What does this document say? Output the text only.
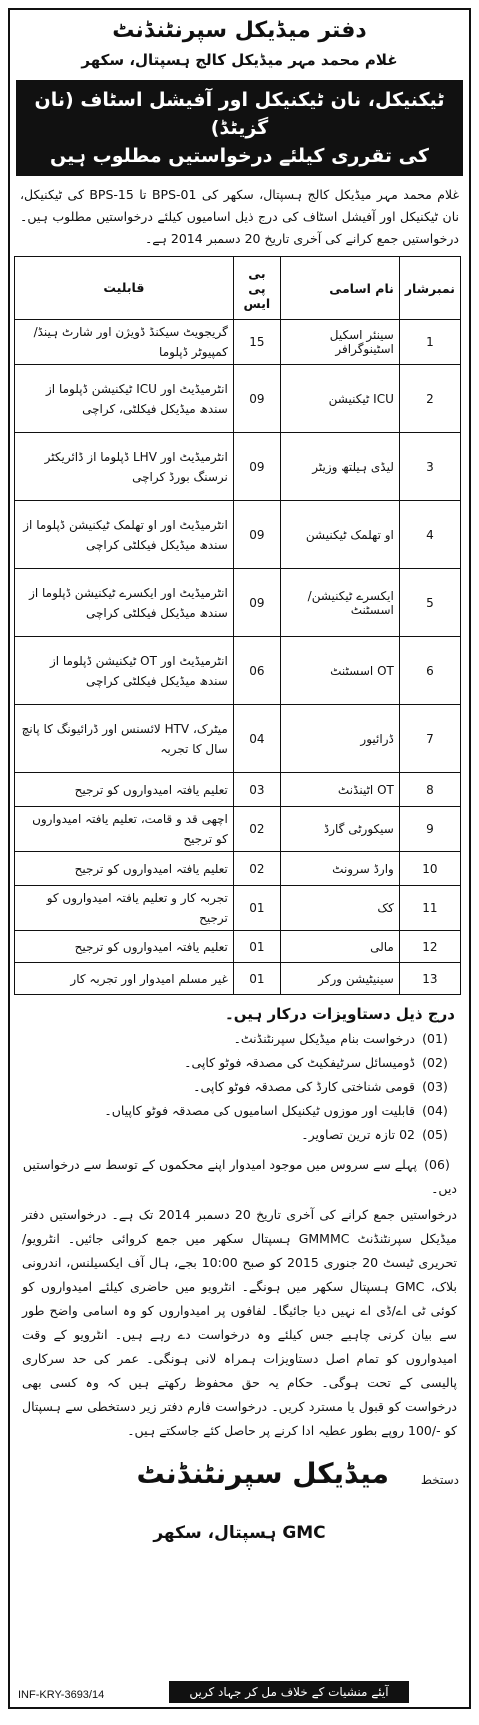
دفتر میڈیکل سپرنٹنڈنٹ
غلام محمد مہر میڈیکل کالج ہسپتال، سکھر
ٹیکنیکل، نان ٹیکنیکل اور آفیشل اسٹاف (نان گزیٹڈ)
کی تقرری کیلئے درخواستیں مطلوب ہیں
غلام محمد مہر میڈیکل کالج ہسپتال، سکھر کی BPS-01 تا BPS-15 کی ٹیکنیکل، نان ٹیکنیکل اور آفیشل اسٹاف کی درج ذیل اسامیوں کیلئے درخواستیں مطلوب ہیں۔ درخواستیں جمع کرانے کی آخری تاریخ 20 دسمبر 2014 ہے۔
نمبرشار	نام اسامی	بی پی ایس	قابلیت
1	سینئر اسکیل اسٹینوگرافر	15	گریجویٹ سیکنڈ ڈویژن اور شارٹ ہینڈ/کمپیوٹر ڈپلوما
2	ICU ٹیکنیشن	09	انٹرمیڈیٹ اور ICU ٹیکنیشن ڈپلوما از سندھ میڈیکل فیکلٹی، کراچی
3	لیڈی ہیلتھ وزیٹر	09	انٹرمیڈیٹ اور LHV ڈپلوما از ڈائریکٹر نرسنگ بورڈ کراچی
4	او تھلمک ٹیکنیشن	09	انٹرمیڈیٹ اور او تھلمک ٹیکنیشن ڈپلوما از سندھ میڈیکل فیکلٹی کراچی
5	ایکسرے ٹیکنیشن/ اسسٹنٹ	09	انٹرمیڈیٹ اور ایکسرے ٹیکنیشن ڈپلوما از سندھ میڈیکل فیکلٹی کراچی
6	OT اسسٹنٹ	06	انٹرمیڈیٹ اور OT ٹیکنیشن ڈپلوما از سندھ میڈیکل فیکلٹی کراچی
7	ڈرائیور	04	میٹرک، HTV لائسنس اور ڈرائیونگ کا پانچ سال کا تجربہ
8	OT اٹینڈنٹ	03	تعلیم یافتہ امیدواروں کو ترجیح
9	سیکورٹی گارڈ	02	اچھی قد و قامت، تعلیم یافتہ امیدواروں کو ترجیح
10	وارڈ سرونٹ	02	تعلیم یافتہ امیدواروں کو ترجیح
11	کک	01	تجربہ کار و تعلیم یافتہ امیدواروں کو ترجیح
12	مالی	01	تعلیم یافتہ امیدواروں کو ترجیح
13	سینیٹیشن ورکر	01	غیر مسلم امیدوار اور تجربہ کار
درج ذیل دستاویزات درکار ہیں۔
(01)درخواست بنام میڈیکل سپرنٹنڈنٹ۔
(02)ڈومیسائل سرٹیفکیٹ کی مصدقہ فوٹو کاپی۔
(03)قومی شناختی کارڈ کی مصدقہ فوٹو کاپی۔
(04)قابلیت اور موزوں ٹیکنیکل اسامیوں کی مصدقہ فوٹو کاپیاں۔
(05)02 تازہ ترین تصاویر۔
(06)پہلے سے سروس میں موجود امیدوار اپنے محکموں کے توسط سے درخواستیں دیں۔
درخواستیں جمع کرانے کی آخری تاریخ 20 دسمبر 2014 تک ہے۔ درخواستیں دفتر میڈیکل سپرنٹنڈنٹ GMMMC ہسپتال سکھر میں جمع کروائی جائیں۔ انٹرویو/تحریری ٹیسٹ 20 جنوری 2015 کو صبح 10:00 بجے، ہال آف ایکسیلنس، اندرونی بلاک، GMC ہسپتال سکھر میں ہونگے۔ انٹرویو میں حاضری کیلئے امیدواروں کو کوئی ٹی اے/ڈی اے نہیں دیا جائیگا۔ لفافوں پر امیدواروں کو وہ اسامی واضح طور سے بیان کرنی چاہیے جس کیلئے وہ درخواست دے رہے ہیں۔ انٹرویو کے وقت امیدواروں کو تمام اصل دستاویزات ہمراہ لانی ہونگی۔ عمر کی حد سرکاری پالیسی کے تحت ہوگی۔ حکام یہ حق محفوظ رکھتے ہیں کہ وہ کسی بھی درخواست کو قبول یا مسترد کریں۔ درخواست فارم دفتر زیر دستخطی سے ہسپتال کو -/100 روپے بطور عطیہ ادا کرنے پر حاصل کئے جاسکتے ہیں۔
دستخط
میڈیکل سپرنٹنڈنٹ
GMC ہسپتال، سکھر
آیئے منشیات کے خلاف مل کر جہاد کریں
INF-KRY-3693/14
